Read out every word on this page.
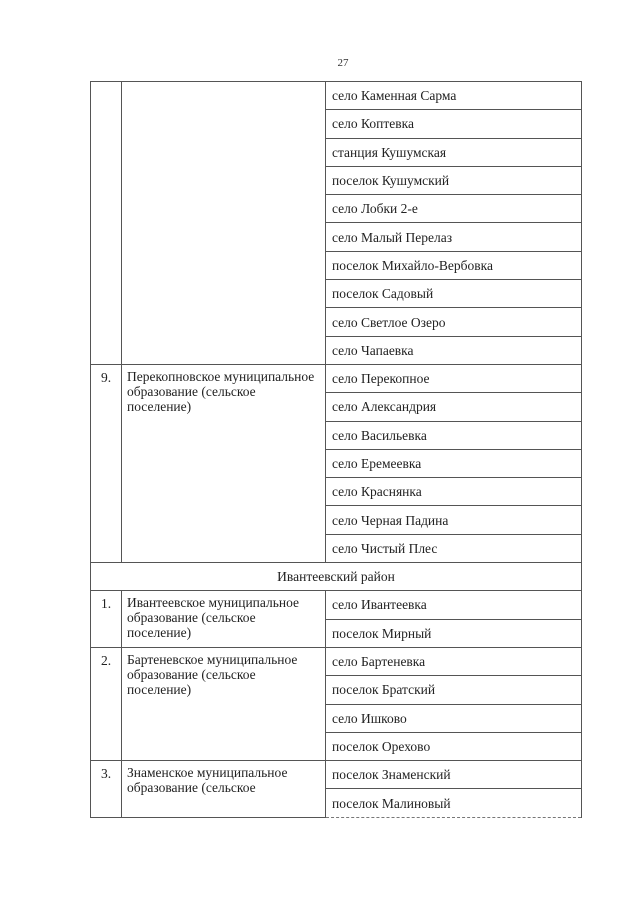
27
		село Каменная Сарма
		село Коптевка
		станция Кушумская
		поселок Кушумский
		село Лобки 2-е
		село Малый Перелаз
		поселок Михайло-Вербовка
		поселок Садовый
		село Светлое Озеро
		село Чапаевка
9.	Перекопновское муниципальное образование (сельское поселение)	село Перекопное
		село Александрия
		село Васильевка
		село Еремеевка
		село Краснянка
		село Черная Падина
		село Чистый Плес
Ивантеевский район		
1.	Ивантеевское муниципальное образование (сельское поселение)	село Ивантеевка
		поселок Мирный
2.	Бартеневское муниципальное образование (сельское поселение)	село Бартеневка
		поселок Братский
		село Ишково
		поселок Орехово
3.	Знаменское муниципальное образование (сельское	поселок Знаменский
		поселок Малиновый
